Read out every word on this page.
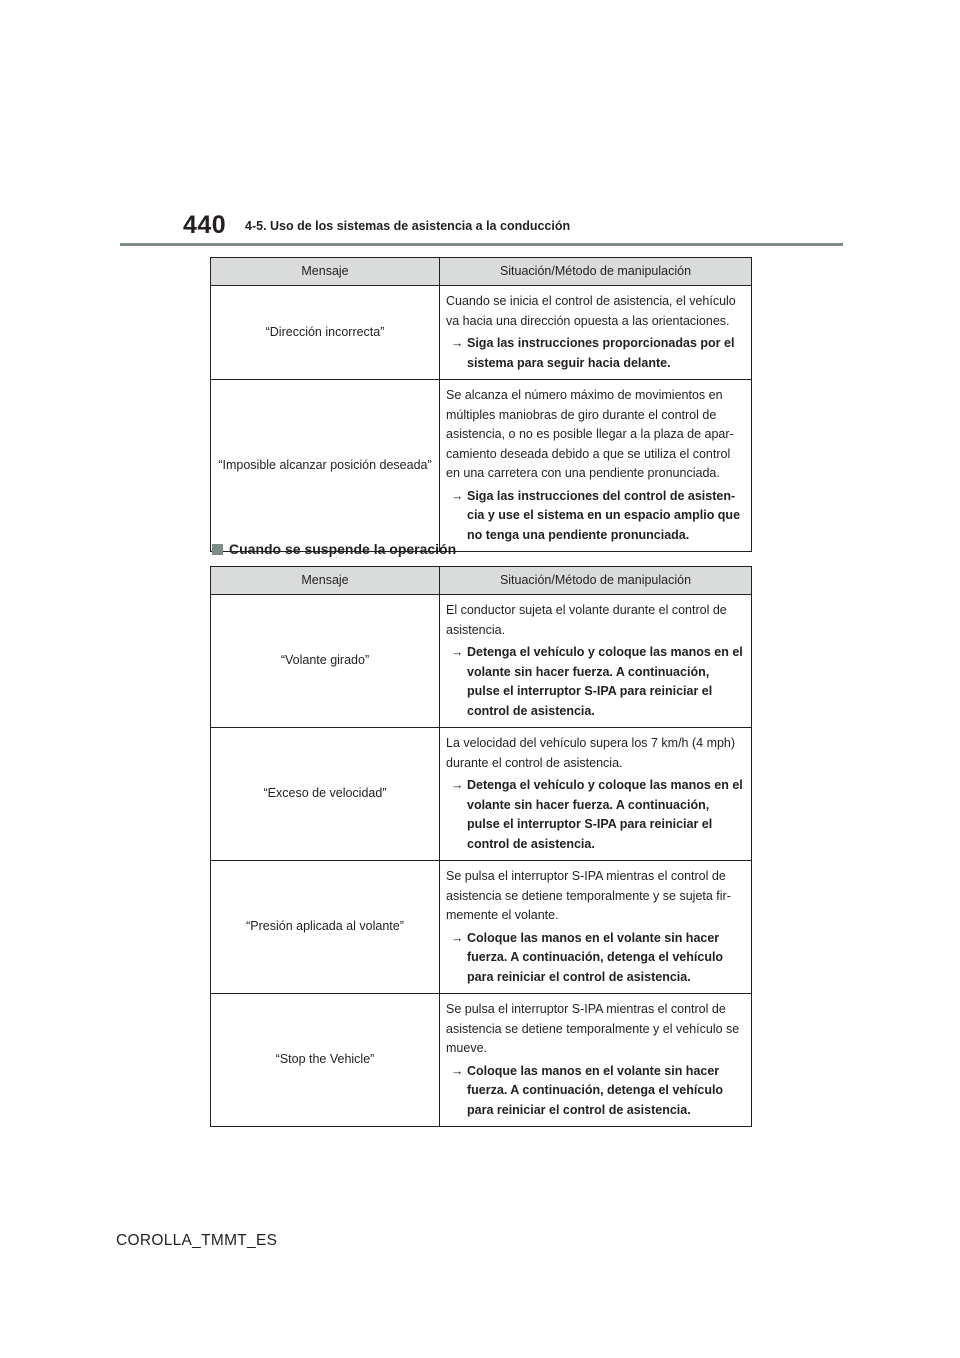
440 4-5. Uso de los sistemas de asistencia a la conducción
Mensaje	Situación/Método de manipulación
“Dirección incorrecta”	Cuando se inicia el control de asistencia, el vehículo va hacia una dirección opuesta a las orientaciones.

→ Siga las instrucciones proporcionadas por el sistema para seguir hacia delante.

“Imposible alcanzar posición deseada”	Se alcanza el número máximo de movimientos en múltiples maniobras de giro durante el control de asistencia, o no es posible llegar a la plaza de apar-camiento deseada debido a que se utiliza el control en una carretera con una pendiente pronunciada.

→ Siga las instrucciones del control de asisten-cia y use el sistema en un espacio amplio que no tenga una pendiente pronunciada.

Cuando se suspende la operación
Mensaje	Situación/Método de manipulación
“Volante girado”	El conductor sujeta el volante durante el control de asistencia.

→ Detenga el vehículo y coloque las manos en el volante sin hacer fuerza. A continuación, pulse el interruptor S-IPA para reiniciar el control de asistencia.

“Exceso de velocidad”	La velocidad del vehículo supera los 7 km/h (4 mph) durante el control de asistencia.

→ Detenga el vehículo y coloque las manos en el volante sin hacer fuerza. A continuación, pulse el interruptor S-IPA para reiniciar el control de asistencia.

“Presión aplicada al volante”	Se pulsa el interruptor S-IPA mientras el control de asistencia se detiene temporalmente y se sujeta fir-memente el volante.

→ Coloque las manos en el volante sin hacer fuerza. A continuación, detenga el vehículo para reiniciar el control de asistencia.

“Stop the Vehicle”	Se pulsa el interruptor S-IPA mientras el control de asistencia se detiene temporalmente y el vehículo se mueve.

→ Coloque las manos en el volante sin hacer fuerza. A continuación, detenga el vehículo para reiniciar el control de asistencia.

COROLLA_TMMT_ES
